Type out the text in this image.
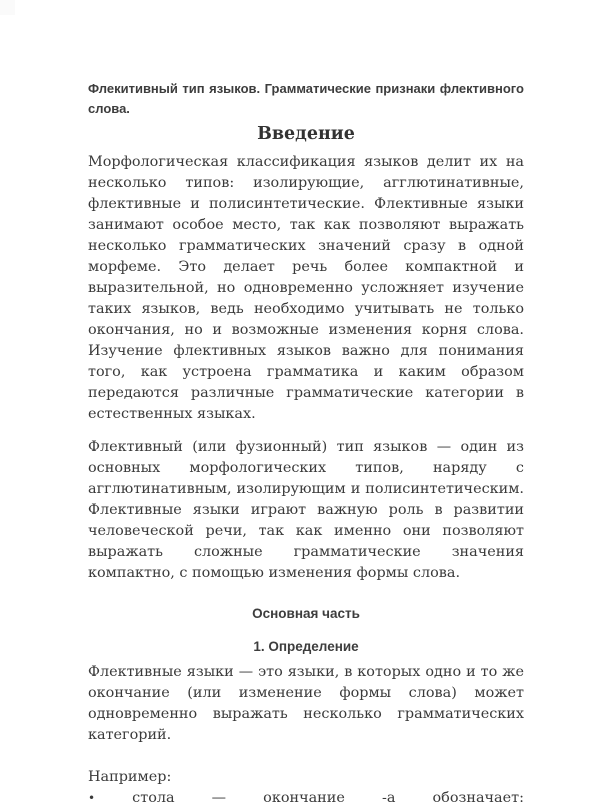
Флекитивный тип языков. Грамматические признаки флективного слова.

Введение

Морфологическая классификация языков делит их на несколько типов: изолирующие, агглютинативные, флективные и полисинтетические. Флективные языки занимают особое место, так как позволяют выражать несколько грамматических значений сразу в одной морфеме. Это делает речь более компактной и выразительной, но одновременно усложняет изучение таких языков, ведь необходимо учитывать не только окончания, но и возможные изменения корня слова. Изучение флективных языков важно для понимания того, как устроена грамматика и каким образом передаются различные грамматические категории в естественных языках.

Флективный (или фузионный) тип языков — один из основных морфологических типов, наряду с агглютинативным, изолирующим и полисинтетическим. Флективные языки играют важную роль в развитии человеческой речи, так как именно они позволяют выражать сложные грамматические значения компактно, с помощью изменения формы слова.

Основная часть
1. Определение

Флективные языки — это языки, в которых одно и то же окончание (или изменение формы слова) может одновременно выражать несколько грамматических категорий.

Например:

•	стола	—	окончание	-а	обозначает:
